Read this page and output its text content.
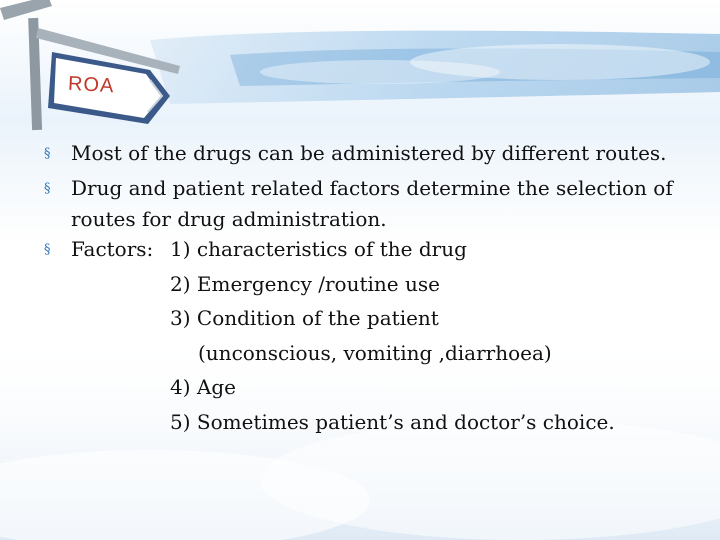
ROA
§ Most of the drugs can be administered by different routes.
§ Drug and patient related factors determine the selection of
routes for drug administration.
§ Factors: 1) characteristics of the drug
2) Emergency /routine use
3) Condition of the patient
(unconscious, vomiting ,diarrhoea)
4) Age
5) Sometimes patient’s and doctor’s choice.
